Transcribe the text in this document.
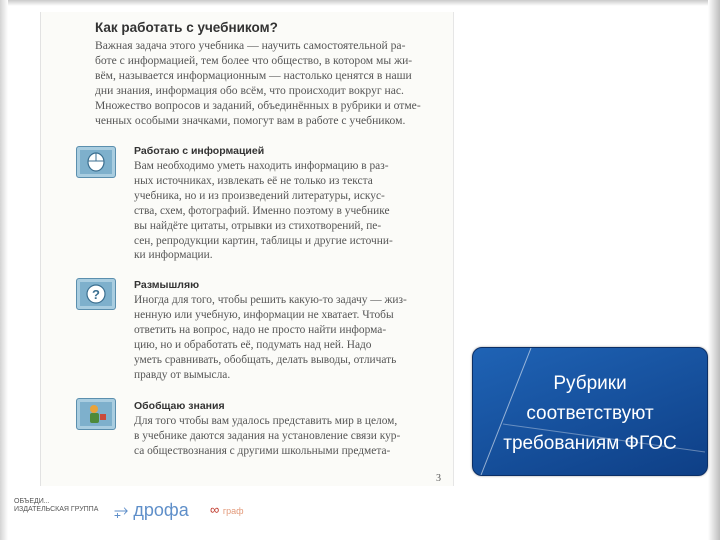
Как работать с учебником?
Важная задача этого учебника — научить самостоятельной ра-
боте с информацией, тем более что общество, в котором мы жи-
вём, называется информационным — настолько ценятся в наши
дни знания, информация обо всём, что происходит вокруг нас.
Множество вопросов и заданий, объединённых в рубрики и отме-
ченных особыми значками, помогут вам в работе с учебником.
Работаю с информацией
Вам необходимо уметь находить информацию в раз-
ных источниках, извлекать её не только из текста
учебника, но и из произведений литературы, искус-
ства, схем, фотографий. Именно поэтому в учебнике
вы найдёте цитаты, отрывки из стихотворений, пе-
сен, репродукции картин, таблицы и другие источни-
ки информации.
?
Размышляю
Иногда для того, чтобы решить какую-то задачу — жиз-
ненную или учебную, информации не хватает. Чтобы
ответить на вопрос, надо не просто найти информа-
цию, но и обработать её, подумать над ней. Надо
уметь сравнивать, обобщать, делать выводы, отличать
правду от вымысла.
Обобщаю знания
Для того чтобы вам удалось представить мир в целом,
в учебнике даются задания на установление связи кур-
са обществознания с другими школьными предмета-
3
Рубрики
соответствуют
требованиям ФГОС
ОБЪЕДИ...
ИЗДАТЕЛЬСКАЯ ГРУППА ⥅ дрофа ∞ граф
